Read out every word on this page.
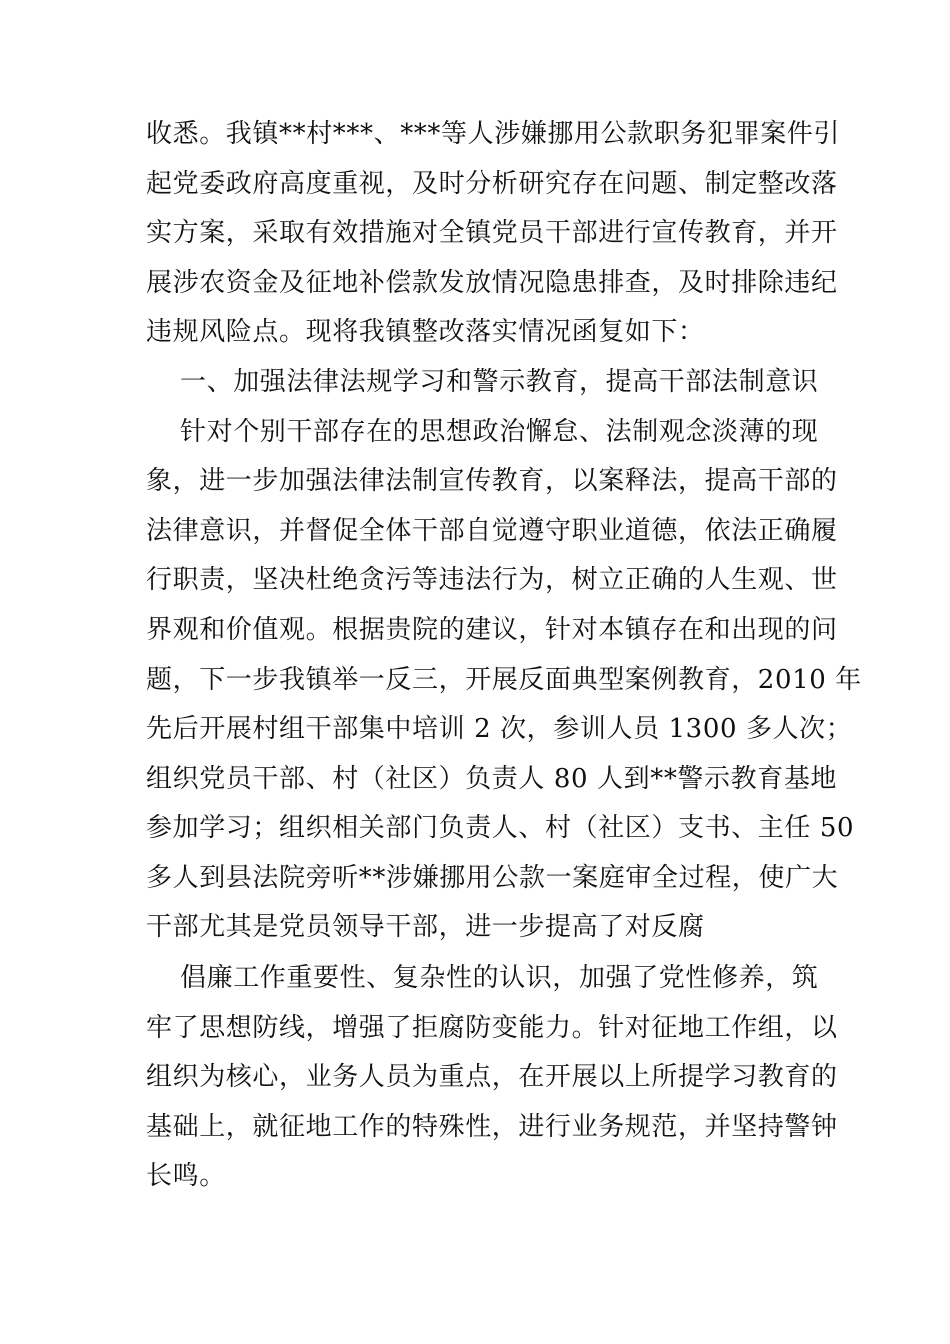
收悉。我镇**村***、***等人涉嫌挪用公款职务犯罪案件引
起党委政府高度重视，及时分析研究存在问题、制定整改落
实方案，采取有效措施对全镇党员干部进行宣传教育，并开
展涉农资金及征地补偿款发放情况隐患排查，及时排除违纪
违规风险点。现将我镇整改落实情况函复如下：
一、加强法律法规学习和警示教育，提高干部法制意识
针对个别干部存在的思想政治懈怠、法制观念淡薄的现
象，进一步加强法律法制宣传教育，以案释法，提高干部的
法律意识，并督促全体干部自觉遵守职业道德，依法正确履
行职责，坚决杜绝贪污等违法行为，树立正确的人生观、世
界观和价值观。根据贵院的建议，针对本镇存在和出现的问
题，下一步我镇举一反三，开展反面典型案例教育，2010 年
先后开展村组干部集中培训 2 次，参训人员 1300 多人次；
组织党员干部、村（社区）负责人 80 人到**警示教育基地
参加学习；组织相关部门负责人、村（社区）支书、主任 50
多人到县法院旁听**涉嫌挪用公款一案庭审全过程，使广大
干部尤其是党员领导干部，进一步提高了对反腐
倡廉工作重要性、复杂性的认识，加强了党性修养，筑
牢了思想防线，增强了拒腐防变能力。针对征地工作组，以
组织为核心，业务人员为重点，在开展以上所提学习教育的
基础上，就征地工作的特殊性，进行业务规范，并坚持警钟
长鸣。
